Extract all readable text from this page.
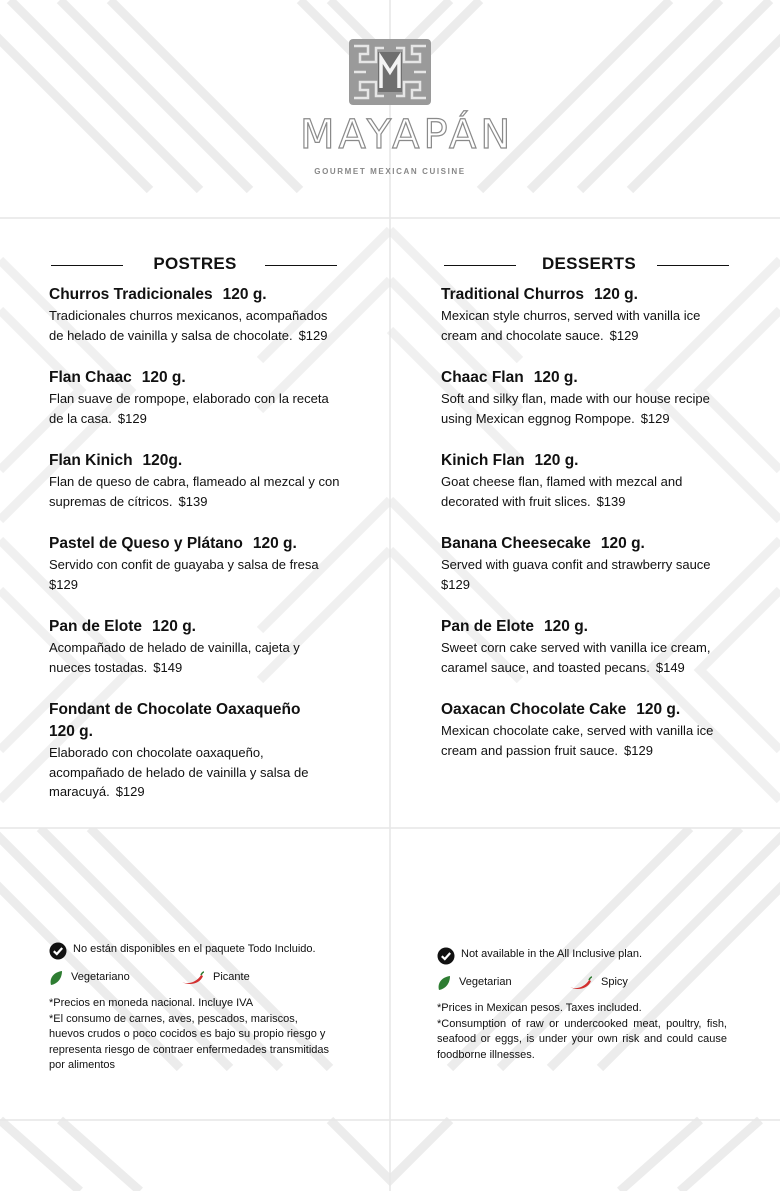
MAYAPÁN
GOURMET MEXICAN CUISINE
POSTRES
Churros Tradicionales 120 g.
Tradicionales churros mexicanos, acompañados de helado de vainilla y salsa de chocolate. $129
Flan Chaac 120 g.
Flan suave de rompope, elaborado con la receta de la casa. $129
Flan Kinich 120g.
Flan de queso de cabra, flameado al mezcal y con supremas de cítricos. $139
Pastel de Queso y Plátano 120 g.
Servido con confit de guayaba y salsa de fresa
$129
Pan de Elote 120 g.
Acompañado de helado de vainilla, cajeta y nueces tostadas. $149
Fondant de Chocolate Oaxaqueño
120 g.
Elaborado con chocolate oaxaqueño, acompañado de helado de vainilla y salsa de maracuyá. $129
DESSERTS
Traditional Churros 120 g.
Mexican style churros, served with vanilla ice cream and chocolate sauce. $129
Chaac Flan 120 g.
Soft and silky flan, made with our house recipe using Mexican eggnog Rompope. $129
Kinich Flan 120 g.
Goat cheese flan, flamed with mezcal and decorated with fruit slices. $139
Banana Cheesecake 120 g.
Served with guava confit and strawberry sauce
$129
Pan de Elote 120 g.
Sweet corn cake served with vanilla ice cream, caramel sauce, and toasted pecans. $149
Oaxacan Chocolate Cake 120 g.
Mexican chocolate cake, served with vanilla ice cream and passion fruit sauce. $129
No están disponibles en el paquete Todo Incluido.
Vegetariano	Picante
*Precios en moneda nacional. Incluye IVA
*El consumo de carnes, aves, pescados, mariscos, huevos crudos o poco cocidos es bajo su propio riesgo y representa riesgo de contraer enfermedades transmitidas por alimentos
Not available in the All Inclusive plan.
Vegetarian	Spicy
*Prices in Mexican pesos. Taxes included.
*Consumption of raw or undercooked meat, poultry, fish, seafood or eggs, is under your own risk and could cause foodborne illnesses.
